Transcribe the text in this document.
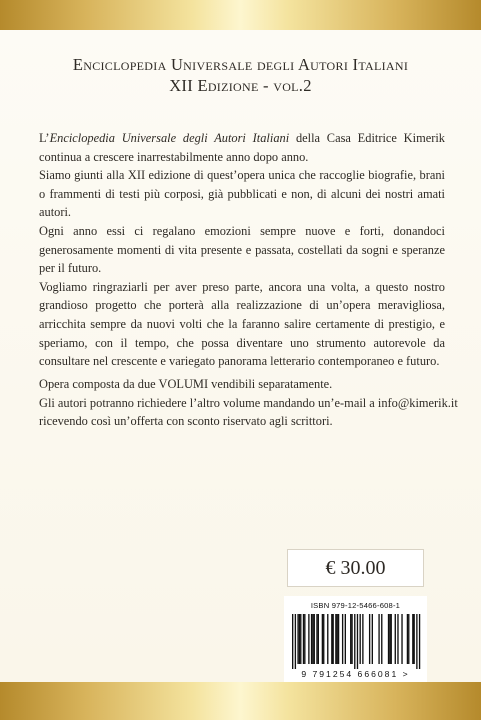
Enciclopedia Universale degli Autori Italiani
XII Edizione - vol.2

L’Enciclopedia Universale degli Autori Italiani della Casa Editrice Kimerik continua a crescere inarrestabilmente anno dopo anno.

Siamo giunti alla XII edizione di quest’opera unica che raccoglie biografie, brani o frammenti di testi più corposi, già pubblicati e non, di alcuni dei nostri amati autori.

Ogni anno essi ci regalano emozioni sempre nuove e forti, donandoci generosamente momenti di vita presente e passata, costellati da sogni e speranze per il futuro.

Vogliamo ringraziarli per aver preso parte, ancora una volta, a questo nostro grandioso progetto che porterà alla realizzazione di un’opera meravigliosa, arricchita sempre da nuovi volti che la faranno salire certamente di prestigio, e speriamo, con il tempo, che possa diventare uno strumento autorevole da consultare nel crescente e variegato panorama letterario contemporaneo e futuro.

Opera composta da due VOLUMI vendibili separatamente.

Gli autori potranno richiedere l’altro volume mandando un’e-mail a info@kimerik.it

ricevendo così un’offerta con sconto riservato agli scrittori.

€ 30.00
ISBN 979-12-5466-608-1
9 791254 666081 >
